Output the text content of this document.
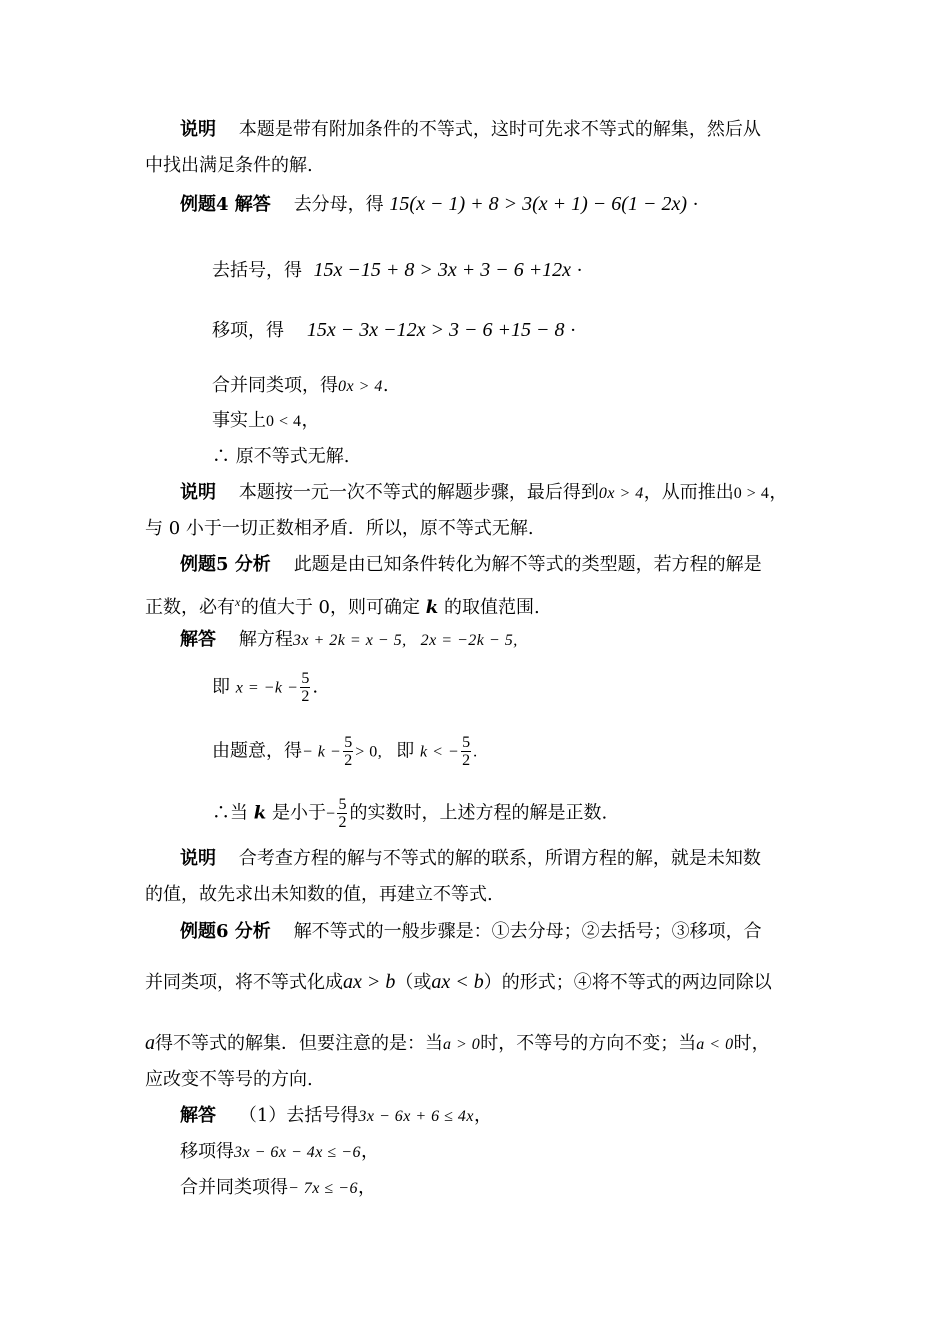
说明 本题是带有附加条件的不等式，这时可先求不等式的解集，然后从
中找出满足条件的解.
例题4 解答 去分母，得 15(x − 1) + 8 > 3(x + 1) − 6(1 − 2x) ·
去括号，得 15x −15 + 8 > 3x + 3 − 6 +12x ·
移项，得 15x − 3x −12x > 3 − 6 +15 − 8 ·
合并同类项，得0x > 4.
事实上0 < 4，
∴ 原不等式无解.
说明 本题按一元一次不等式的解题步骤，最后得到0x > 4，从而推出0 > 4，
与 0 小于一切正数相矛盾．所以，原不等式无解.
例题5 分析 此题是由已知条件转化为解不等式的类型题，若方程的解是
正数，必有$^x$的值大于 0，则可确定 k 的取值范围.
解答 解方程3x + 2k = x − 5, 2x = −2k − 5,
即 $x = -k - \frac{5}{2}$ .
由题意，得− $k - \frac{5}{2} > 0$, 即 k < − $\frac{5}{2}$ .
∴当 k 是小于− $\frac{5}{2}$ 的实数时，上述方程的解是正数.
说明 合考查方程的解与不等式的解的联系，所谓方程的解，就是未知数
的值，故先求出未知数的值，再建立不等式.
例题6 分析 解不等式的一般步骤是：①去分母；②去括号；③移项，合
并同类项，将不等式化成ax > b（或ax < b）的形式；④将不等式的两边同除以
a得不等式的解集．但要注意的是：当a > 0时，不等号的方向不变；当a < 0时，
应改变不等号的方向.
解答 （1）去括号得3x − 6x + 6 ≤ 4x，
移项得3x − 6x − 4x ≤ −6，
合并同类项得− 7x ≤ −6，
